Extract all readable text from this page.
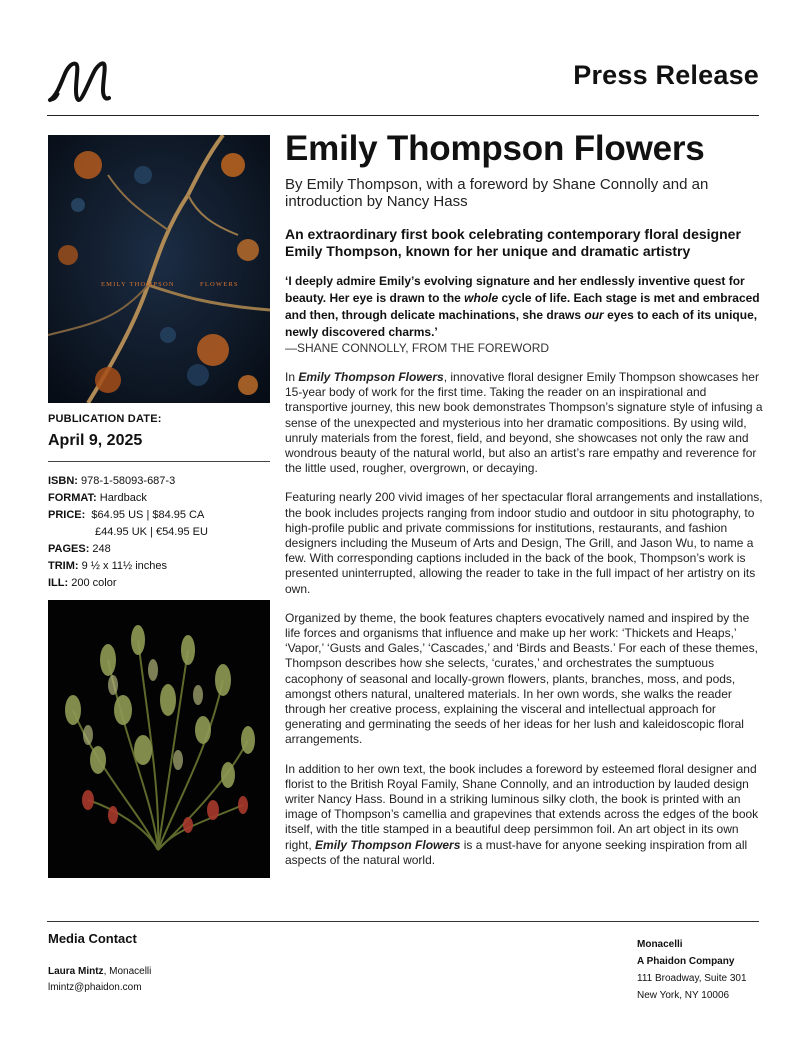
Press Release
EMILY THOMPSON	FLOWERS
PUBLICATION DATE:
April 9, 2025
ISBN: 978-1-58093-687-3
FORMAT: Hardback
PRICE: $64.95 US | $84.95 CA
£44.95 UK | €54.95 EU
PAGES: 248
TRIM: 9 ½ x 11½ inches
ILL: 200 color
Emily Thompson Flowers
By Emily Thompson, with a foreword by Shane Connolly and an introduction by Nancy Hass
An extraordinary first book celebrating contemporary floral designer Emily Thompson, known for her unique and dramatic artistry
‘I deeply admire Emily’s evolving signature and her endlessly inventive quest for beauty. Her eye is drawn to the whole cycle of life. Each stage is met and embraced and then, through delicate machinations, she draws our eyes to each of its unique, newly discovered charms.’
—SHANE CONNOLLY, FROM THE FOREWORD
In Emily Thompson Flowers, innovative floral designer Emily Thompson showcases her 15-year body of work for the first time. Taking the reader on an inspirational and transportive journey, this new book demonstrates Thompson’s signature style of infusing a sense of the unexpected and mysterious into her dramatic compositions. By using wild, unruly materials from the forest, field, and beyond, she showcases not only the raw and wondrous beauty of the natural world, but also an artist’s rare empathy and reverence for the little used, rougher, overgrown, or decaying.
Featuring nearly 200 vivid images of her spectacular floral arrangements and installations, the book includes projects ranging from indoor studio and outdoor in situ photography, to high-profile public and private commissions for institutions, restaurants, and fashion designers including the Museum of Arts and Design, The Grill, and Jason Wu, to name a few. With corresponding captions included in the back of the book, Thompson’s work is presented uninterrupted, allowing the reader to take in the full impact of her artistry on its own.
Organized by theme, the book features chapters evocatively named and inspired by the life forces and organisms that influence and make up her work: ‘Thickets and Heaps,’ ‘Vapor,’ ‘Gusts and Gales,’ ‘Cascades,’ and ‘Birds and Beasts.’ For each of these themes, Thompson describes how she selects, ‘curates,’ and orchestrates the sumptuous cacophony of seasonal and locally-grown flowers, plants, branches, moss, and pods, amongst others natural, unaltered materials. In her own words, she walks the reader through her creative process, explaining the visceral and intellectual approach for generating and germinating the seeds of her ideas for her lush and kaleidoscopic floral arrangements.
In addition to her own text, the book includes a foreword by esteemed floral designer and florist to the British Royal Family, Shane Connolly, and an introduction by lauded design writer Nancy Hass. Bound in a striking luminous silky cloth, the book is printed with an image of Thompson’s camellia and grapevines that extends across the edges of the book itself, with the title stamped in a beautiful deep persimmon foil. An art object in its own right, Emily Thompson Flowers is a must-have for anyone seeking inspiration from all aspects of the natural world.
Media Contact
Laura Mintz, Monacelli
lmintz@phaidon.com
Monacelli
A Phaidon Company
111 Broadway, Suite 301
New York, NY 10006
